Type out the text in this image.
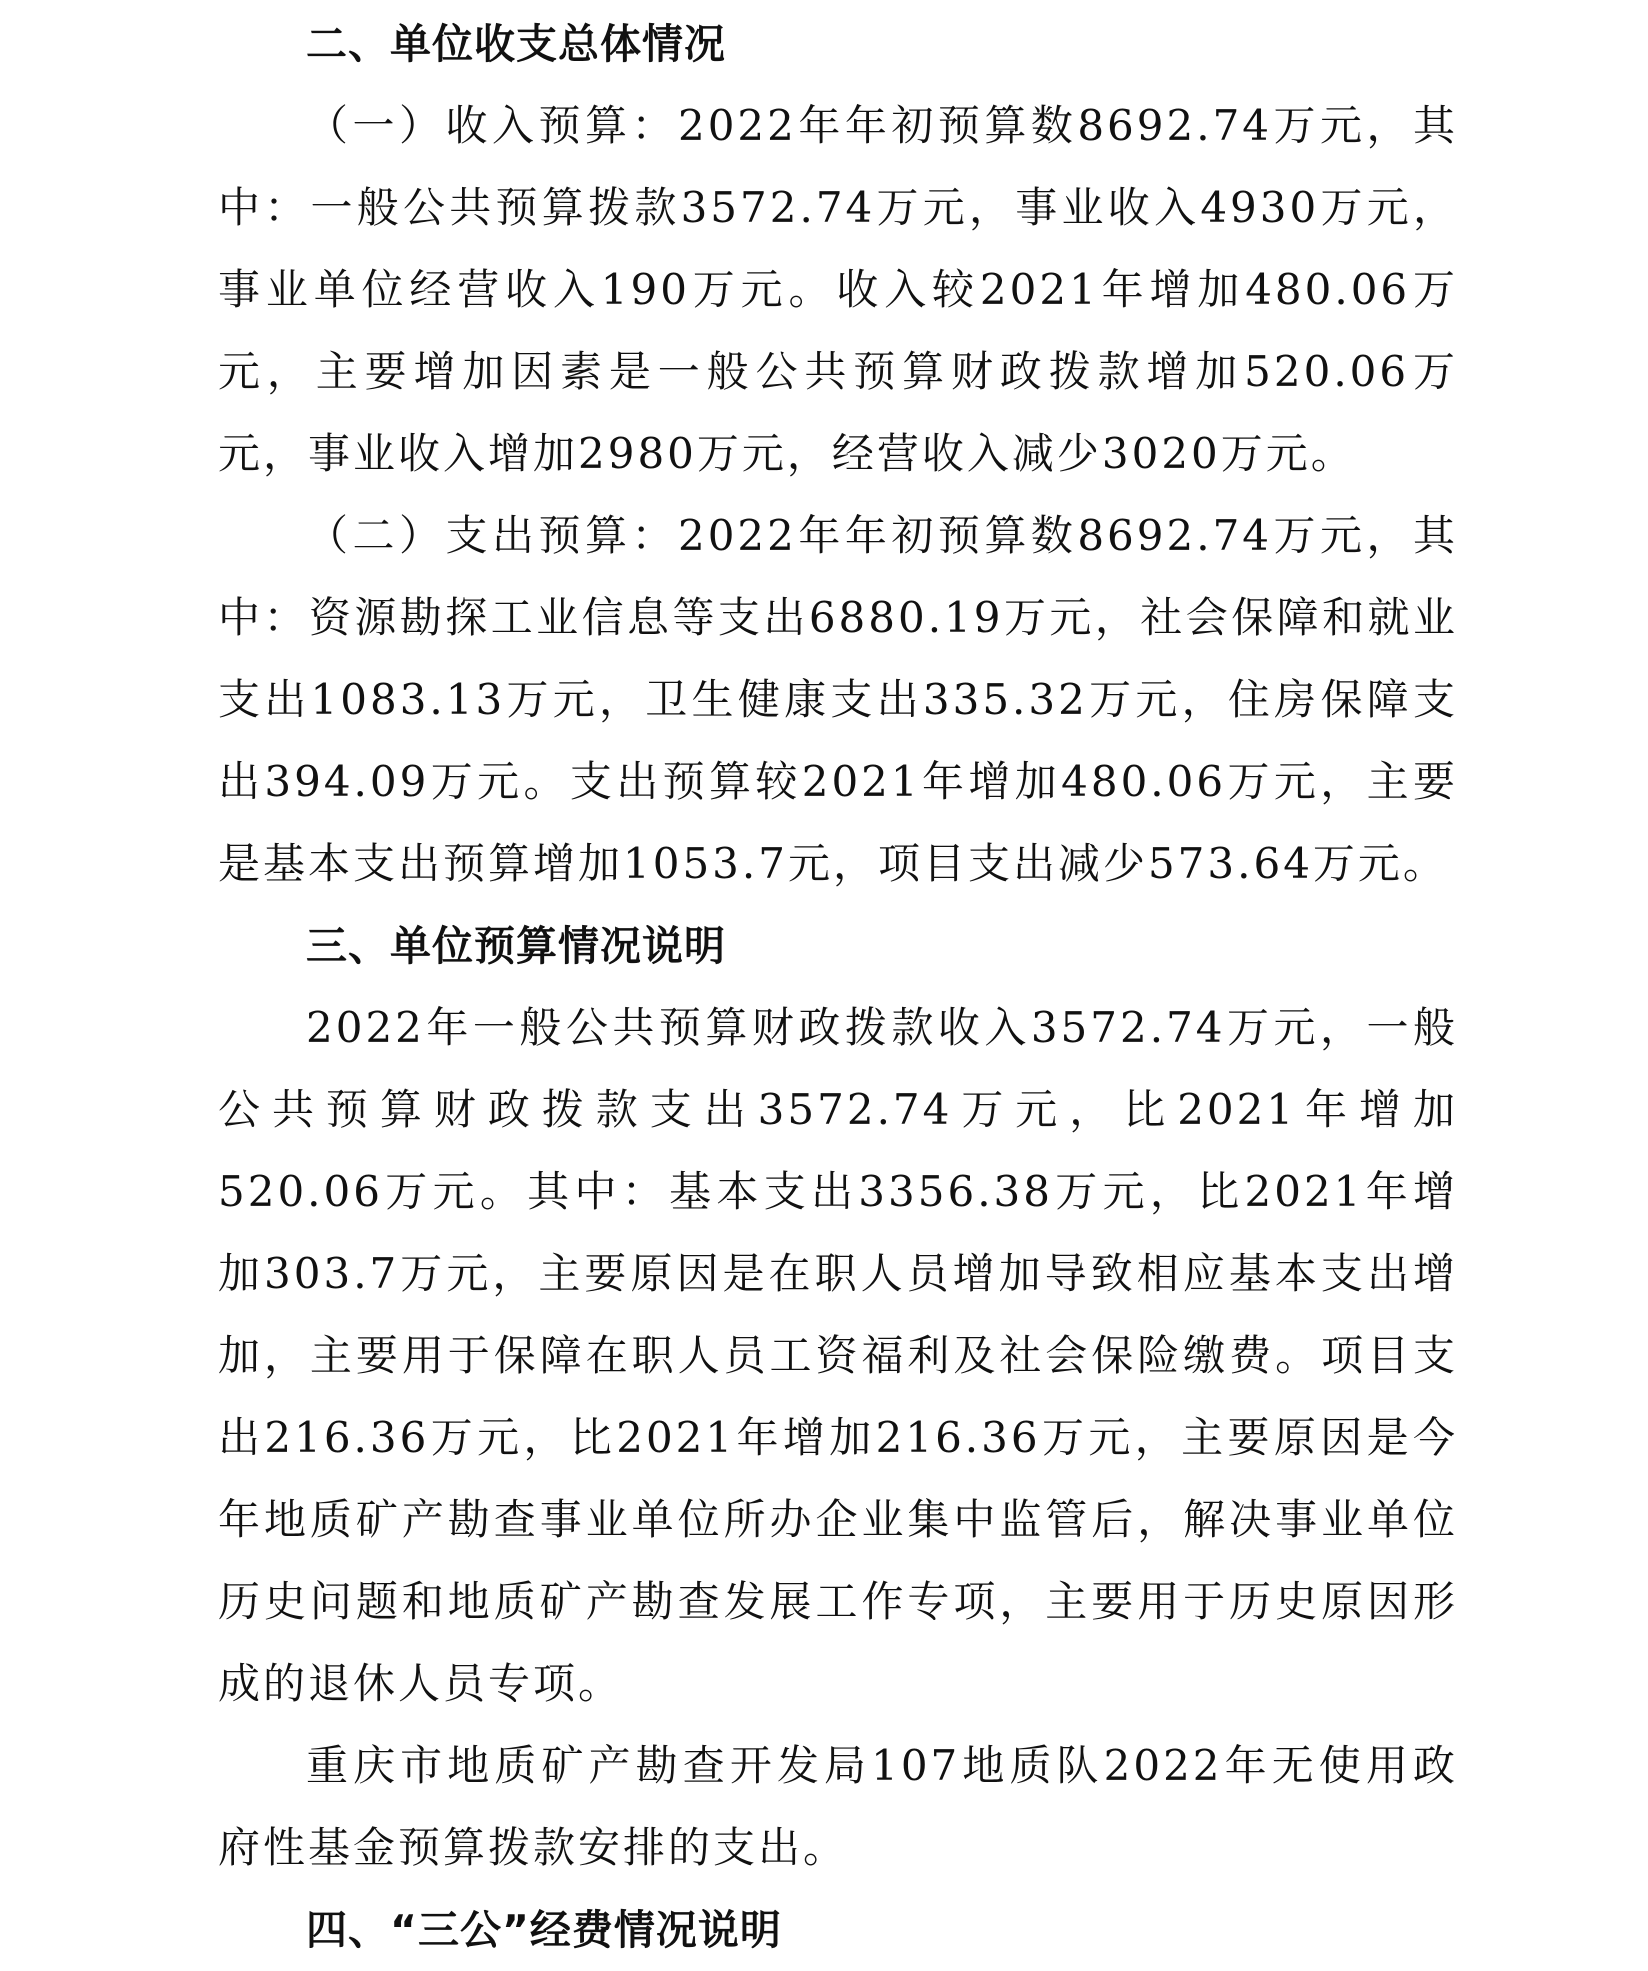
二、单位收支总体情况

（一）收入预算：2022年年初预算数8692.74万元，其中：一般公共预算拨款3572.74万元，事业收入4930万元，事业单位经营收入190万元。收入较2021年增加480.06万元，主要增加因素是一般公共预算财政拨款增加520.06万元，事业收入增加2980万元，经营收入减少3020万元。

（二）支出预算：2022年年初预算数8692.74万元，其中：资源勘探工业信息等支出6880.19万元，社会保障和就业支出1083.13万元，卫生健康支出335.32万元，住房保障支出394.09万元。支出预算较2021年增加480.06万元，主要是基本支出预算增加1053.7元，项目支出减少573.64万元。

三、单位预算情况说明

2022年一般公共预算财政拨款收入3572.74万元，一般公共预算财政拨款支出3572.74万元，比2021年增加520.06万元。其中：基本支出3356.38万元，比2021年增加303.7万元，主要原因是在职人员增加导致相应基本支出增加，主要用于保障在职人员工资福利及社会保险缴费。项目支出216.36万元，比2021年增加216.36万元，主要原因是今年地质矿产勘查事业单位所办企业集中监管后，解决事业单位历史问题和地质矿产勘查发展工作专项，主要用于历史原因形成的退休人员专项。

重庆市地质矿产勘查开发局107地质队2022年无使用政府性基金预算拨款安排的支出。

四、“三公”经费情况说明
